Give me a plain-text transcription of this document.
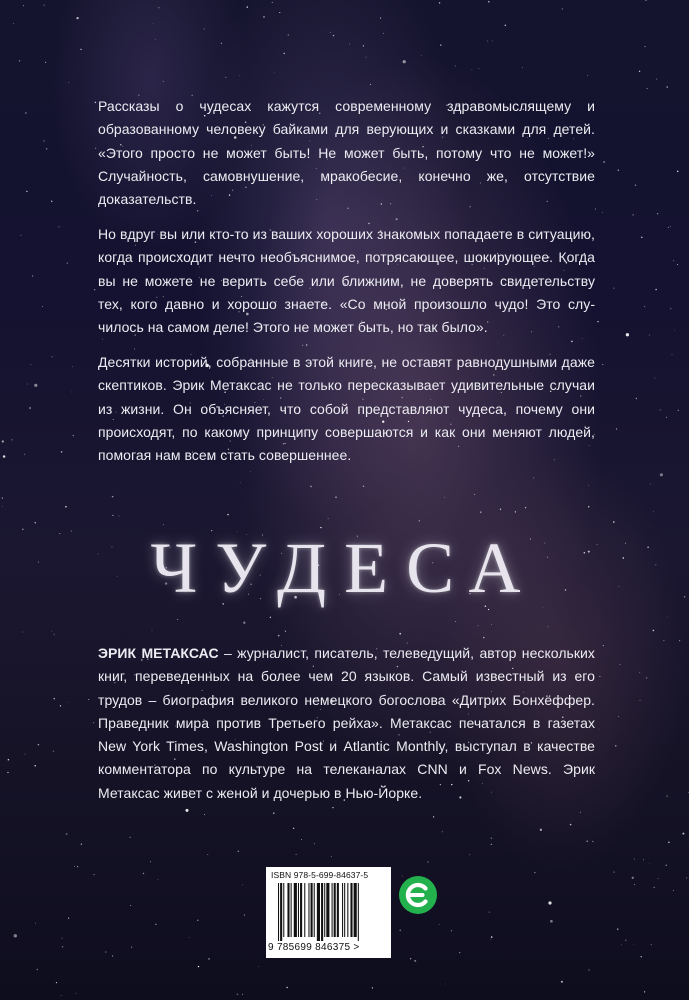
Рассказы о чудесах кажутся современному здравомыслящему и образованному человеку байками для верующих и сказками для детей. «Этого просто не может быть! Не может быть, потому что не может!» Случайность, самовнушение, мракобесие, конечно же, отсутствие доказательств.

Но вдруг вы или кто-то из ваших хороших знакомых попадаете в ситуацию, когда происходит нечто необъяснимое, потрясающее, шокирующее. Когда вы не можете не верить себе или ближним, не доверять свидетельству тех, кого давно и хорошо знаете. «Со мной произошло чудо! Это случилось на самом деле! Этого не может быть, но так было».

Десятки историй, собранные в этой книге, не оставят равнодушными даже скептиков. Эрик Метаксас не только пересказывает удивительные случаи из жизни. Он объясняет, что собой представляют чудеса, почему они происходят, по какому принципу совершаются и как они меняют людей, помогая нам всем стать совершеннее.

ЧУДЕСА

ЭРИК МЕТАКСАС – журналист, писатель, телеведущий, автор нескольких книг, переведенных на более чем 20 языков. Самый известный из его трудов – биография великого немецкого богослова «Дитрих Бонхёффер. Праведник мира против Третьего рейха». Метаксас печатался в газетах New York Times, Washington Post и Atlantic Monthly, выступал в качестве комментатора по культуре на телеканалах CNN и Fox News. Эрик Метаксас живет с женой и дочерью в Нью-Йорке.

ISBN 978-5-699-84637-5
9 785699 846375 >
